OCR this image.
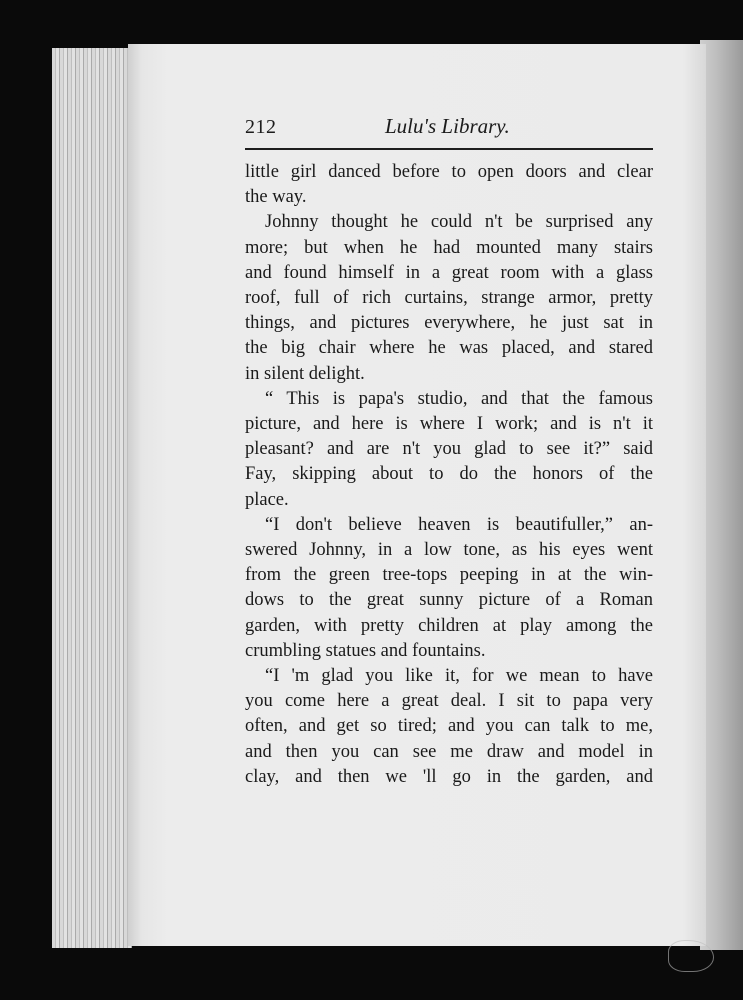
212	Lulu's Library.
little girl danced before to open doors and clear
the way.
Johnny thought he could n't be surprised any
more; but when he had mounted many stairs
and found himself in a great room with a glass
roof, full of rich curtains, strange armor, pretty
things, and pictures everywhere, he just sat in
the big chair where he was placed, and stared
in silent delight.
“ This is papa's studio, and that the famous
picture, and here is where I work; and is n't it
pleasant? and are n't you glad to see it?” said
Fay, skipping about to do the honors of the
place.
“I don't believe heaven is beautifuller,” an-
swered Johnny, in a low tone, as his eyes went
from the green tree-tops peeping in at the win-
dows to the great sunny picture of a Roman
garden, with pretty children at play among the
crumbling statues and fountains.
“I 'm glad you like it, for we mean to have
you come here a great deal. I sit to papa very
often, and get so tired; and you can talk to me,
and then you can see me draw and model in
clay, and then we 'll go in the garden, and
